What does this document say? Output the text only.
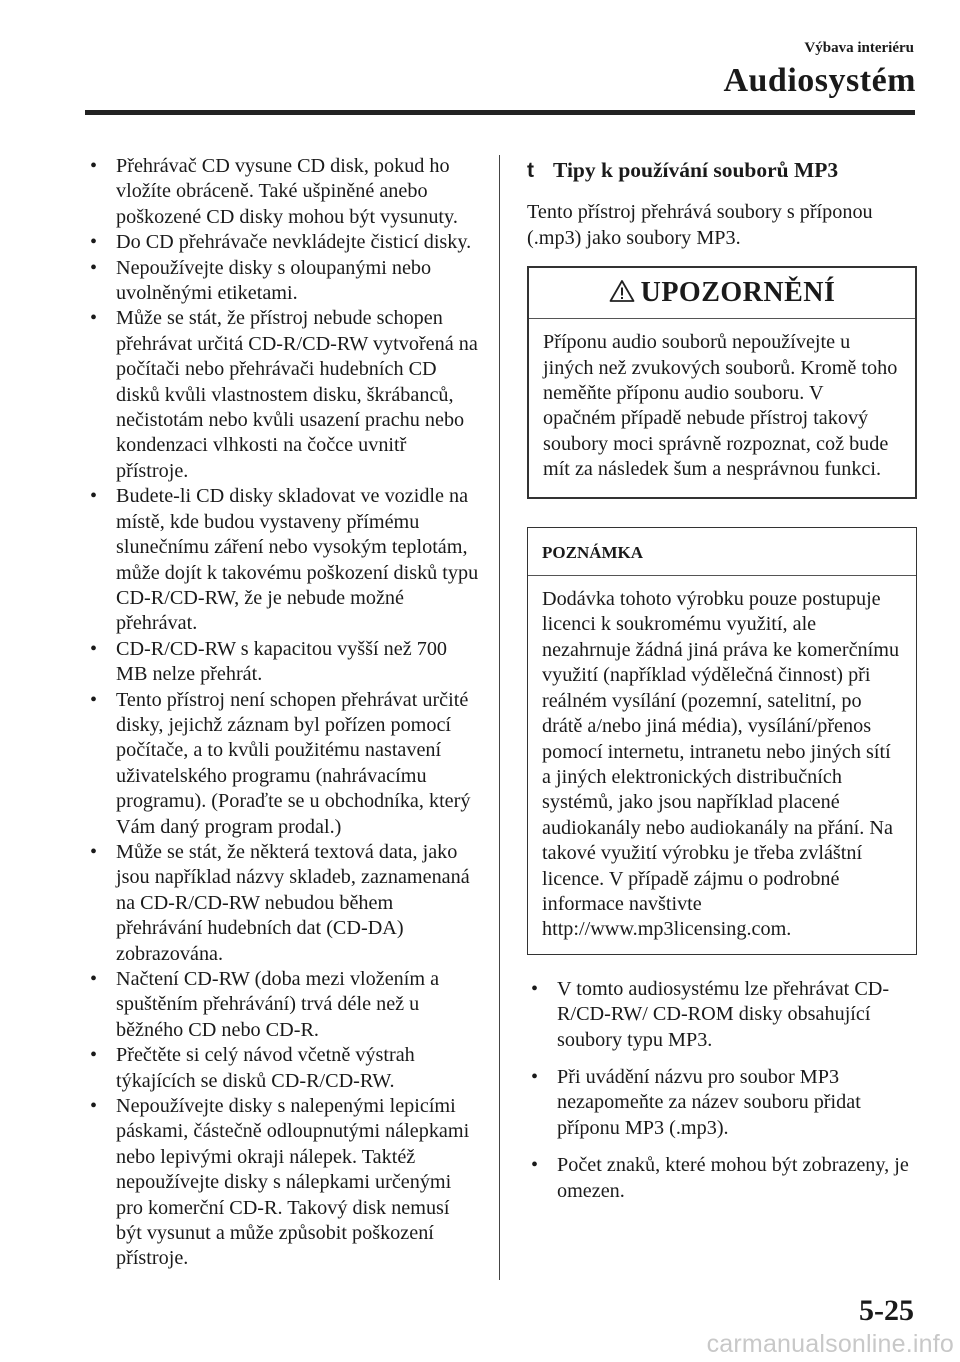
Výbava interiéru
Audiosystém
• Přehrávač CD vysune CD disk, pokud ho vložíte obráceně. Také ušpiněné anebo poškozené CD disky mohou být vysunuty.
• Do CD přehrávače nevkládejte čisticí disky.
• Nepoužívejte disky s oloupanými nebo uvolněnými etiketami.
• Může se stát, že přístroj nebude schopen přehrávat určitá CD-R/CD-RW vytvořená na počítači nebo přehrávači hudebních CD disků kvůli vlastnostem disku, škrábanců, nečistotám nebo kvůli usazení prachu nebo kondenzaci vlhkosti na čočce uvnitř přístroje.
• Budete-li CD disky skladovat ve vozidle na místě, kde budou vystaveny přímému slunečnímu záření nebo vysokým teplotám, může dojít k takovému poškození disků typu CD-R/CD-RW, že je nebude možné přehrávat.
• CD-R/CD-RW s kapacitou vyšší než 700 MB nelze přehrát.
• Tento přístroj není schopen přehrávat určité disky, jejichž záznam byl pořízen pomocí počítače, a to kvůli použitému nastavení uživatelského programu (nahrávacímu programu). (Poraďte se u obchodníka, který Vám daný program prodal.)
• Může se stát, že některá textová data, jako jsou například názvy skladeb, zaznamenaná na CD-R/CD-RW nebudou během přehrávání hudebních dat (CD-DA) zobrazována.
• Načtení CD-RW (doba mezi vložením a spuštěním přehrávání) trvá déle než u běžného CD nebo CD-R.
• Přečtěte si celý návod včetně výstrah týkajících se disků CD-R/CD-RW.
• Nepoužívejte disky s nalepenými lepicími páskami, částečně odloupnutými nálepkami nebo lepivými okraji nálepek. Taktéž nepoužívejte disky s nálepkami určenými pro komerční CD-R. Takový disk nemusí být vysunut a může způsobit poškození přístroje.
t Tipy k používání souborů MP3
Tento přístroj přehrává soubory s příponou (.mp3) jako soubory MP3.
UPOZORNĚNÍ
Příponu audio souborů nepoužívejte u jiných než zvukových souborů. Kromě toho neměňte příponu audio souboru. V opačném případě nebude přístroj takový soubory moci správně rozpoznat, což bude mít za následek šum a nesprávnou funkci.
POZNÁMKA
Dodávka tohoto výrobku pouze postupuje licenci k soukromému využití, ale nezahrnuje žádná jiná práva ke komerčnímu využití (například výdělečná činnost) při reálném vysílání (pozemní, satelitní, po drátě a/nebo jiná média), vysílání/přenos pomocí internetu, intranetu nebo jiných sítí a jiných elektronických distribučních systémů, jako jsou například placené audiokanály nebo audiokanály na přání. Na takové využití výrobku je třeba zvláštní licence. V případě zájmu o podrobné informace navštivte http://www.mp3licensing.com.
• V tomto audiosystému lze přehrávat CD-R/CD-RW/ CD-ROM disky obsahující soubory typu MP3.
• Při uvádění názvu pro soubor MP3 nezapomeňte za název souboru přidat příponu MP3 (.mp3).
• Počet znaků, které mohou být zobrazeny, je omezen.
5-25
carmanualsonline.info
